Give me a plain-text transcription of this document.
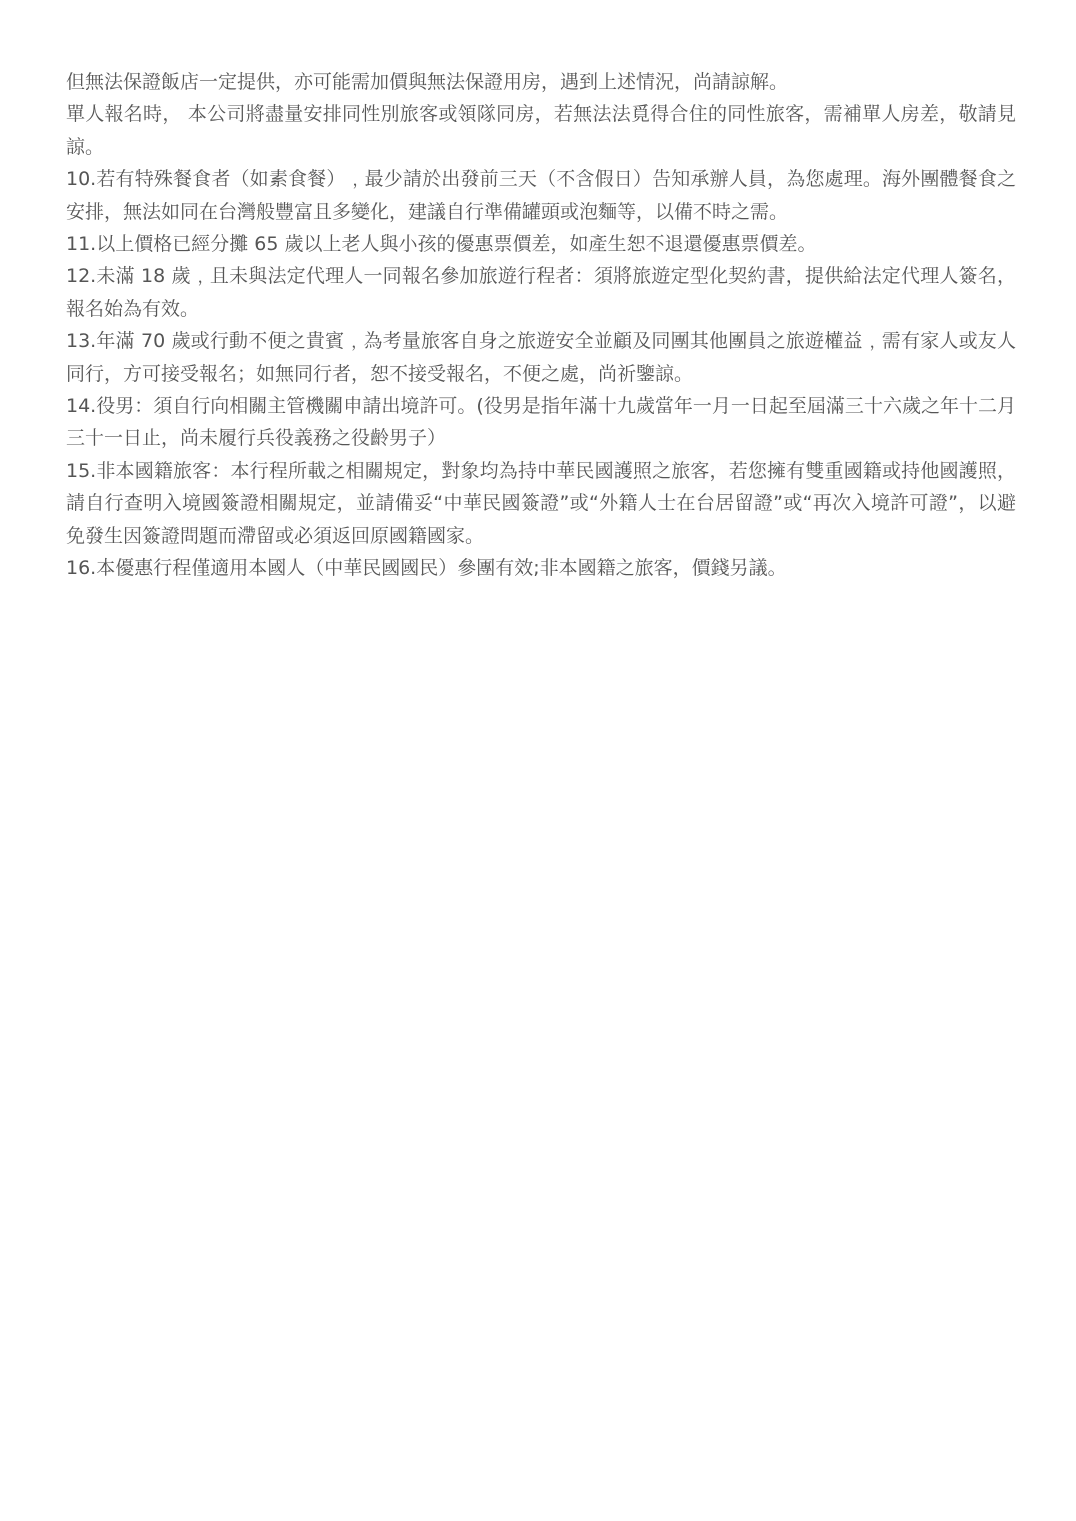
但無法保證飯店一定提供，亦可能需加價與無法保證用房，遇到上述情況，尚請諒解。

單人報名時， 本公司將盡量安排同性別旅客或領隊同房，若無法法覓得合住的同性旅客，需補單人房差，敬請見諒。

10.若有特殊餐食者（如素食餐）﹐最少請於出發前三天（不含假日）告知承辦人員，為您處理。海外團體餐食之安排，無法如同在台灣般豐富且多變化，建議自行準備罐頭或泡麵等，以備不時之需。

11.以上價格已經分攤 65 歲以上老人與小孩的優惠票價差，如產生恕不退還優惠票價差。

12.未滿 18 歲﹐且未與法定代理人一同報名參加旅遊行程者：須將旅遊定型化契約書，提供給法定代理人簽名，報名始為有效。

13.年滿 70 歲或行動不便之貴賓﹐為考量旅客自身之旅遊安全並顧及同團其他團員之旅遊權益﹐需有家人或友人同行，方可接受報名；如無同行者，恕不接受報名，不便之處，尚祈鑒諒。

14.役男：須自行向相關主管機關申請出境許可。(役男是指年滿十九歲當年一月一日起至屆滿三十六歲之年十二月三十一日止，尚未履行兵役義務之役齡男子）

15.非本國籍旅客：本行程所載之相關規定，對象均為持中華民國護照之旅客，若您擁有雙重國籍或持他國護照，請自行查明入境國簽證相關規定，並請備妥“中華民國簽證”或“外籍人士在台居留證”或“再次入境許可證”，以避免發生因簽證問題而滯留或必須返回原國籍國家。

16.本優惠行程僅適用本國人（中華民國國民）參團有效;非本國籍之旅客，價錢另議。
